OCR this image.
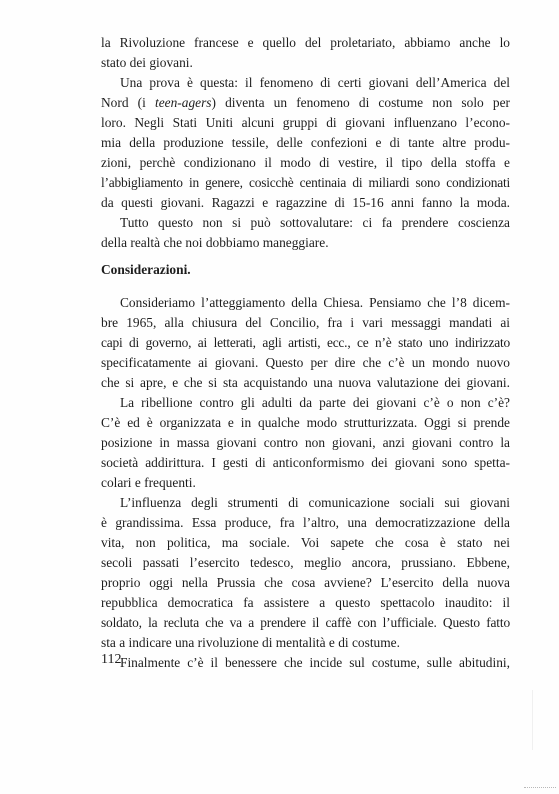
la Rivoluzione francese e quello del proletariato, abbiamo anche lo
stato dei giovani.
Una prova è questa: il fenomeno di certi giovani dell’America del
Nord (i teen-agers) diventa un fenomeno di costume non solo per
loro. Negli Stati Uniti alcuni gruppi di giovani influenzano l’econo-
mia della produzione tessile, delle confezioni e di tante altre produ-
zioni, perchè condizionano il modo di vestire, il tipo della stoffa e
l’abbigliamento in genere, cosicchè centinaia di miliardi sono condizionati
da questi giovani. Ragazzi e ragazzine di 15-16 anni fanno la moda.
Tutto questo non si può sottovalutare: ci fa prendere coscienza
della realtà che noi dobbiamo maneggiare.
Considerazioni.
Consideriamo l’atteggiamento della Chiesa. Pensiamo che l’8 dicem-
bre 1965, alla chiusura del Concilio, fra i vari messaggi mandati ai
capi di governo, ai letterati, agli artisti, ecc., ce n’è stato uno indirizzato
specificatamente ai giovani. Questo per dire che c’è un mondo nuovo
che si apre, e che si sta acquistando una nuova valutazione dei giovani.
La ribellione contro gli adulti da parte dei giovani c’è o non c’è?
C’è ed è organizzata e in qualche modo strutturizzata. Oggi si prende
posizione in massa giovani contro non giovani, anzi giovani contro la
società addirittura. I gesti di anticonformismo dei giovani sono spetta-
colari e frequenti.
L’influenza degli strumenti di comunicazione sociali sui giovani
è grandissima. Essa produce, fra l’altro, una democratizzazione della
vita, non politica, ma sociale. Voi sapete che cosa è stato nei
secoli passati l’esercito tedesco, meglio ancora, prussiano. Ebbene,
proprio oggi nella Prussia che cosa avviene? L’esercito della nuova
repubblica democratica fa assistere a questo spettacolo inaudito: il
soldato, la recluta che va a prendere il caffè con l’ufficiale. Questo fatto
sta a indicare una rivoluzione di mentalità e di costume.
Finalmente c’è il benessere che incide sul costume, sulle abitudini,
112
